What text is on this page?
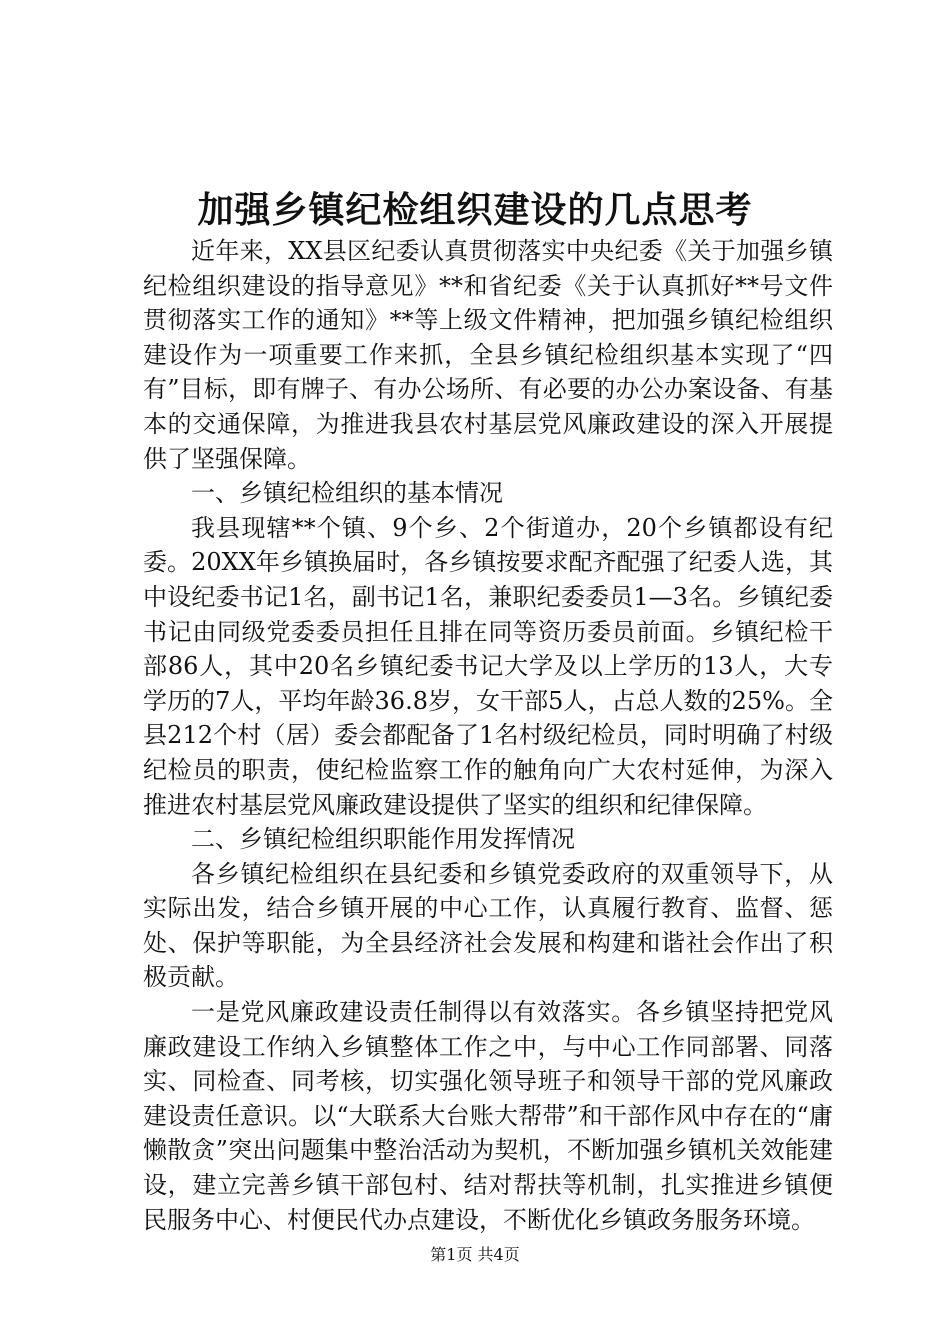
加强乡镇纪检组织建设的几点思考

近年来，XX县区纪委认真贯彻落实中央纪委《关于加强乡镇纪检组织建设的指导意见》**和省纪委《关于认真抓好**号文件贯彻落实工作的通知》**等上级文件精神，把加强乡镇纪检组织建设作为一项重要工作来抓，全县乡镇纪检组织基本实现了“四有”目标，即有牌子、有办公场所、有必要的办公办案设备、有基本的交通保障，为推进我县农村基层党风廉政建设的深入开展提供了坚强保障。

一、乡镇纪检组织的基本情况

我县现辖**个镇、9个乡、2个街道办，20个乡镇都设有纪委。20XX年乡镇换届时，各乡镇按要求配齐配强了纪委人选，其中设纪委书记1名，副书记1名，兼职纪委委员1—3名。乡镇纪委书记由同级党委委员担任且排在同等资历委员前面。乡镇纪检干部86人，其中20名乡镇纪委书记大学及以上学历的13人，大专学历的7人，平均年龄36.8岁，女干部5人，占总人数的25%。全县212个村（居）委会都配备了1名村级纪检员，同时明确了村级纪检员的职责，使纪检监察工作的触角向广大农村延伸，为深入推进农村基层党风廉政建设提供了坚实的组织和纪律保障。

二、乡镇纪检组织职能作用发挥情况

各乡镇纪检组织在县纪委和乡镇党委政府的双重领导下，从实际出发，结合乡镇开展的中心工作，认真履行教育、监督、惩处、保护等职能，为全县经济社会发展和构建和谐社会作出了积极贡献。

一是党风廉政建设责任制得以有效落实。各乡镇坚持把党风廉政建设工作纳入乡镇整体工作之中，与中心工作同部署、同落实、同检查、同考核，切实强化领导班子和领导干部的党风廉政建设责任意识。以“大联系大台账大帮带”和干部作风中存在的“庸懒散贪”突出问题集中整治活动为契机，不断加强乡镇机关效能建设，建立完善乡镇干部包村、结对帮扶等机制，扎实推进乡镇便民服务中心、村便民代办点建设，不断优化乡镇政务服务环境。

第1页 共4页
